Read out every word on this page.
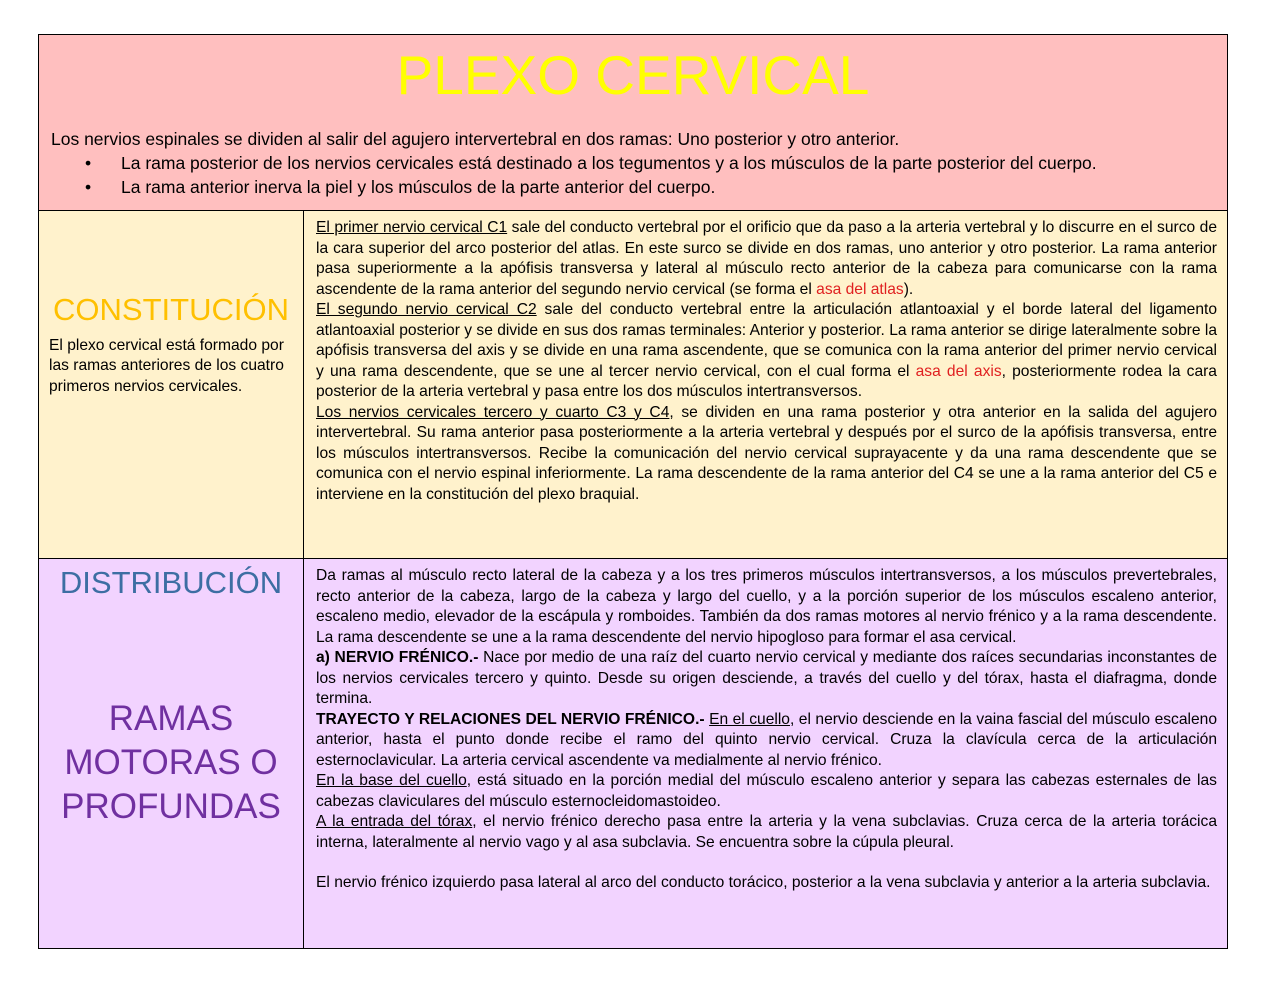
PLEXO CERVICAL

Los nervios espinales se dividen al salir del agujero intervertebral en dos ramas: Uno posterior y otro anterior.

• La rama posterior de los nervios cervicales está destinado a los tegumentos y a los músculos de la parte posterior del cuerpo.
• La rama anterior inerva la piel y los músculos de la parte anterior del cuerpo.
CONSTITUCIÓN

El plexo cervical está formado por las ramas anteriores de los cuatro primeros nervios cervicales.

El primer nervio cervical C1 sale del conducto vertebral por el orificio que da paso a la arteria vertebral y lo discurre en el surco de la cara superior del arco posterior del atlas. En este surco se divide en dos ramas, uno anterior y otro posterior. La rama anterior pasa superiormente a la apófisis transversa y lateral al músculo recto anterior de la cabeza para comunicarse con la rama ascendente de la rama anterior del segundo nervio cervical (se forma el asa del atlas).

El segundo nervio cervical C2 sale del conducto vertebral entre la articulación atlantoaxial y el borde lateral del ligamento atlantoaxial posterior y se divide en sus dos ramas terminales: Anterior y posterior. La rama anterior se dirige lateralmente sobre la apófisis transversa del axis y se divide en una rama ascendente, que se comunica con la rama anterior del primer nervio cervical y una rama descendente, que se une al tercer nervio cervical, con el cual forma el asa del axis, posteriormente rodea la cara posterior de la arteria vertebral y pasa entre los dos músculos intertransversos.

Los nervios cervicales tercero y cuarto C3 y C4, se dividen en una rama posterior y otra anterior en la salida del agujero intervertebral. Su rama anterior pasa posteriormente a la arteria vertebral y después por el surco de la apófisis transversa, entre los músculos intertransversos. Recibe la comunicación del nervio cervical suprayacente y da una rama descendente que se comunica con el nervio espinal inferiormente. La rama descendente de la rama anterior del C4 se une a la rama anterior del C5 e interviene en la constitución del plexo braquial.

DISTRIBUCIÓN
RAMAS MOTORAS O PROFUNDAS

Da ramas al músculo recto lateral de la cabeza y a los tres primeros músculos intertransversos, a los músculos prevertebrales, recto anterior de la cabeza, largo de la cabeza y largo del cuello, y a la porción superior de los músculos escaleno anterior, escaleno medio, elevador de la escápula y romboides. También da dos ramas motores al nervio frénico y a la rama descendente. La rama descendente se une a la rama descendente del nervio hipogloso para formar el asa cervical.

a) NERVIO FRÉNICO.- Nace por medio de una raíz del cuarto nervio cervical y mediante dos raíces secundarias inconstantes de los nervios cervicales tercero y quinto. Desde su origen desciende, a través del cuello y del tórax, hasta el diafragma, donde termina.

TRAYECTO Y RELACIONES DEL NERVIO FRÉNICO.- En el cuello, el nervio desciende en la vaina fascial del músculo escaleno anterior, hasta el punto donde recibe el ramo del quinto nervio cervical. Cruza la clavícula cerca de la articulación esternoclavicular. La arteria cervical ascendente va medialmente al nervio frénico.

En la base del cuello, está situado en la porción medial del músculo escaleno anterior y separa las cabezas esternales de las cabezas claviculares del músculo esternocleidomastoideo.

A la entrada del tórax, el nervio frénico derecho pasa entre la arteria y la vena subclavias. Cruza cerca de la arteria torácica interna, lateralmente al nervio vago y al asa subclavia. Se encuentra sobre la cúpula pleural.

El nervio frénico izquierdo pasa lateral al arco del conducto torácico, posterior a la vena subclavia y anterior a la arteria subclavia.
